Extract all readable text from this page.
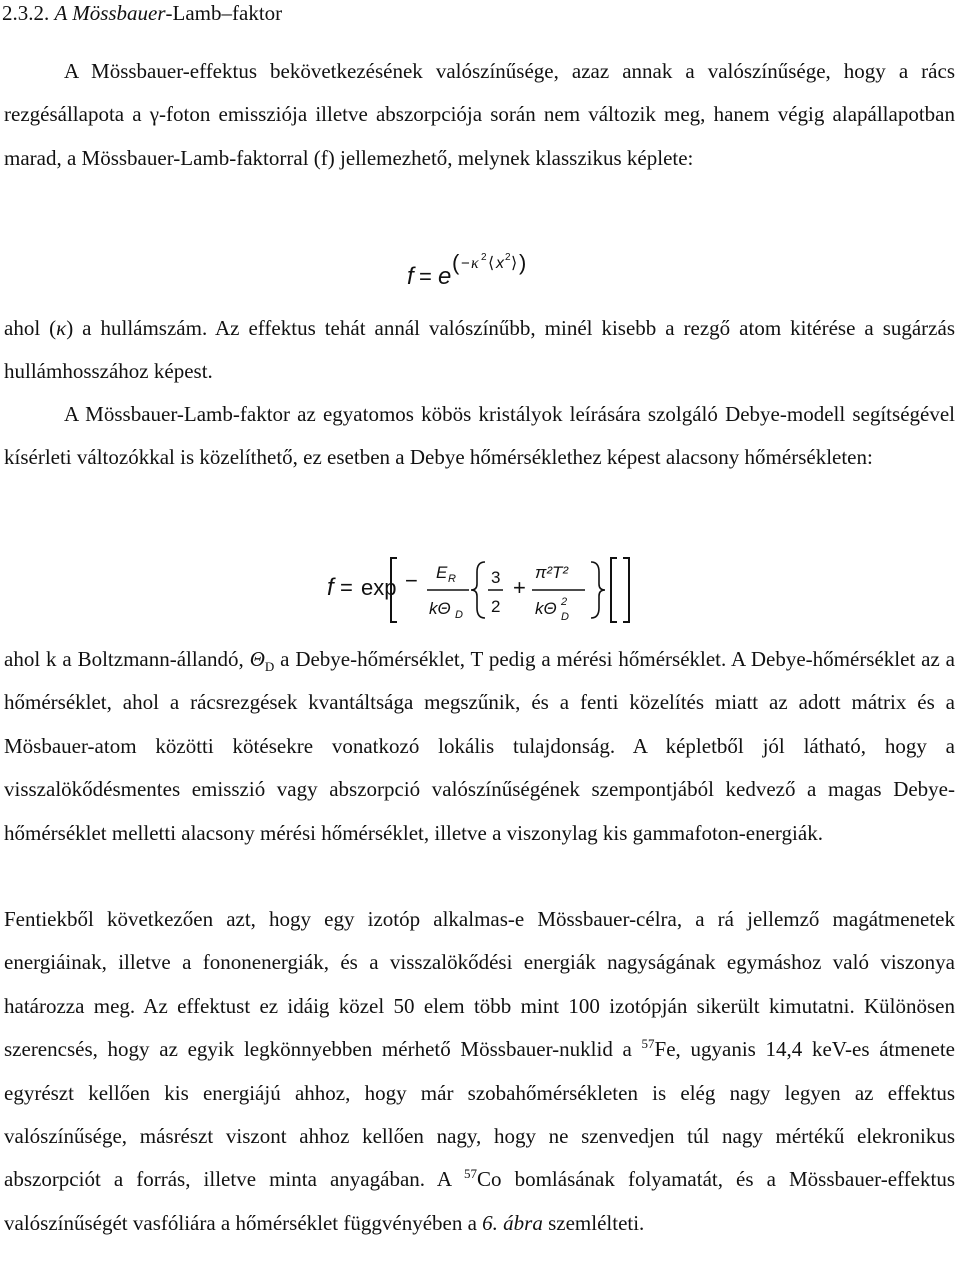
2.3.2. A Mössbauer-Lamb–faktor

A Mössbauer-effektus bekövetkezésének valószínűsége, azaz annak a valószínűsége, hogy a rács rezgésállapota a γ-foton emissziója illetve abszorpciója során nem változik meg, hanem végig alapállapotban marad, a Mössbauer-Lamb-faktorral (f) jellemezhető, melynek klasszikus képlete:

f = e
( − κ 2 ⟨ x 2 ⟩ )

ahol (κ) a hullámszám. Az effektus tehát annál valószínűbb, minél kisebb a rezgő atom kitérése a sugárzás hullámhosszához képest.

A Mössbauer-Lamb-faktor az egyatomos köbös kristályok leírására szolgáló Debye-modell segítségével kísérleti változókkal is közelíthető, ez esetben a Debye hőmérséklethez képest alacsony hőmérsékleten:

f = exp − E R
kΘ D
3
2
+
π²T²
kΘ 2
D

ahol k a Boltzmann-állandó, $\Theta_D$ a Debye-hőmérséklet, T pedig a mérési hőmérséklet. A Debye-hőmérséklet az a hőmérséklet, ahol a rácsrezgések kvantáltsága megszűnik, és a fenti közelítés miatt az adott mátrix és a Mösbauer-atom közötti kötésekre vonatkozó lokális tulajdonság. A képletből jól látható, hogy a visszalökődésmentes emisszió vagy abszorpció valószínűségének szempontjából kedvező a magas Debye-hőmérséklet melletti alacsony mérési hőmérséklet, illetve a viszonylag kis gammafoton-energiák.

Fentiekből következően azt, hogy egy izotóp alkalmas-e Mössbauer-célra, a rá jellemző magátmenetek energiáinak, illetve a fononenergiák, és a visszalökődési energiák nagyságának egymáshoz való viszonya határozza meg. Az effektust ez idáig közel 50 elem több mint 100 izotópján sikerült kimutatni. Különösen szerencsés, hogy az egyik legkönnyebben mérhető Mössbauer-nuklid a $^{57}$Fe, ugyanis 14,4 keV-es átmenete egyrészt kellően kis energiájú ahhoz, hogy már szobahőmérsékleten is elég nagy legyen az effektus valószínűsége, másrészt viszont ahhoz kellően nagy, hogy ne szenvedjen túl nagy mértékű elekronikus abszorpciót a forrás, illetve minta anyagában. A $^{57}$Co bomlásának folyamatát, és a Mössbauer-effektus valószínűségét vasfóliára a hőmérséklet függvényében a 6. ábra szemlélteti.
